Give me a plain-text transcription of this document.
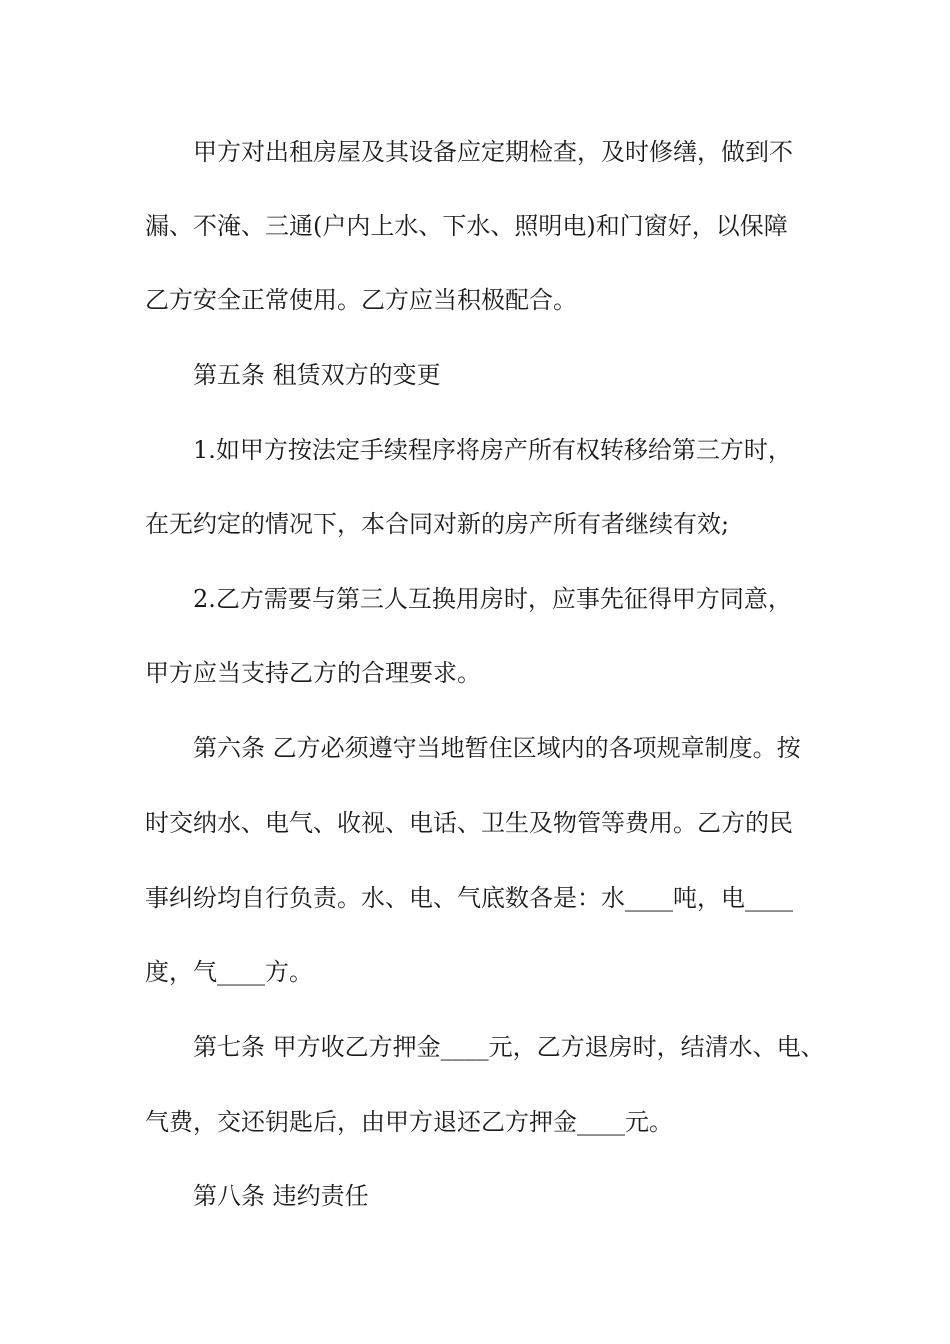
甲方对出租房屋及其设备应定期检查，及时修缮，做到不
漏、不淹、三通(户内上水、下水、照明电)和门窗好，以保障
乙方安全正常使用。乙方应当积极配合。
第五条 租赁双方的变更
1.如甲方按法定手续程序将房产所有权转移给第三方时，
在无约定的情况下，本合同对新的房产所有者继续有效;
2.乙方需要与第三人互换用房时，应事先征得甲方同意，
甲方应当支持乙方的合理要求。
第六条 乙方必须遵守当地暂住区域内的各项规章制度。按
时交纳水、电气、收视、电话、卫生及物管等费用。乙方的民
事纠纷均自行负责。水、电、气底数各是：水____吨，电____
度，气____方。
第七条 甲方收乙方押金____元，乙方退房时，结清水、电、
气费，交还钥匙后，由甲方退还乙方押金____元。
第八条 违约责任
